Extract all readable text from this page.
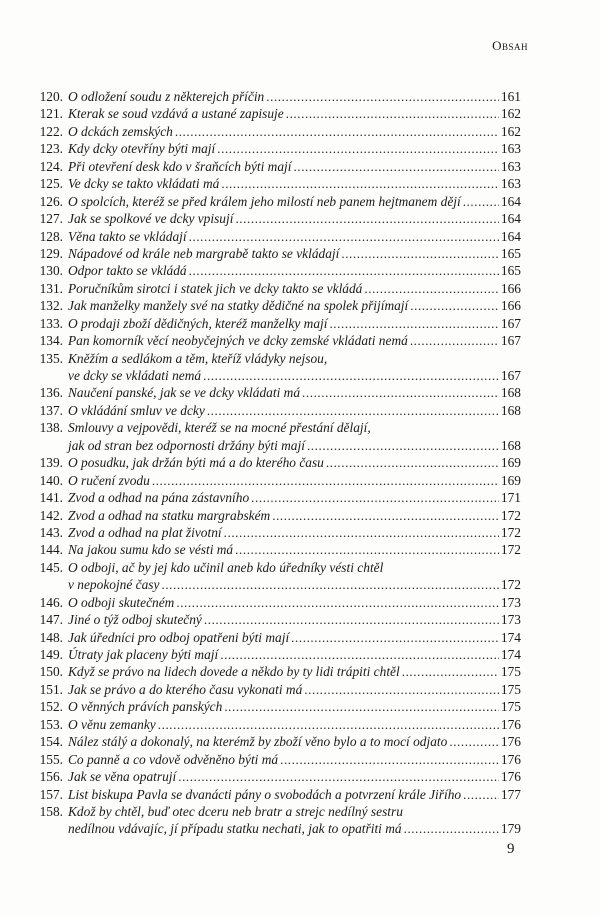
Obsah
120. O odložení soudu z některejch příčin .....	161
121. Kterak se soud vzdává a ustané zapisuje .....	162
122. O dckách zemských .....	162
123. Kdy dcky otevříny býti mají .....	163
124. Při otevření desk kdo v šraňcích býti mají .....	163
125. Ve dcky se takto vkládati má .....	163
126. O spolcích, kteréž se před králem jeho milostí neb panem hejtmanem dějí .....	164
127. Jak se spolkové ve dcky vpisují .....	164
128. Věna takto se vkládají .....	164
129. Nápadové od krále neb margrabě takto se vkládají .....	165
130. Odpor takto se vkládá .....	165
131. Poručníkům sirotci i statek jich ve dcky takto se vkládá .....	166
132. Jak manželky manžely své na statky dědičné na spolek přijímají .....	166
133. O prodaji zboží dědičných, kteréž manželky mají .....	167
134. Pan komorník věcí neobyčejných ve dcky zemské vkládati nemá .....	167
135. Kněžím a sedlákom a těm, kteříž vládyky nejsou,
ve dcky se vkládati nemá .....	167
136. Naučení panské, jak se ve dcky vkládati má .....	168
137. O vkládání smluv ve dcky .....	168
138. Smlouvy a vejpovědi, kteréž se na mocné přestání dělají,
jak od stran bez odpornosti držány býti mají .....	168
139. O posudku, jak držán býti má a do kterého času .....	169
140. O ručení zvodu .....	169
141. Zvod a odhad na pána zástavního .....	171
142. Zvod a odhad na statku margrabském .....	172
143. Zvod a odhad na plat životní .....	172
144. Na jakou sumu kdo se vésti má .....	172
145. O odboji, ač by jej kdo učinil aneb kdo úředníky vésti chtěl
v nepokojné časy .....	172
146. O odboji skutečném .....	173
147. Jiné o týž odboj skutečný .....	173
148. Jak úředníci pro odboj opatřeni býti mají .....	174
149. Útraty jak placeny býti mají .....	174
150. Když se právo na lidech dovede a někdo by ty lidi trápiti chtěl .....	175
151. Jak se právo a do kterého času vykonati má .....	175
152. O věnných právích panských .....	175
153. O věnu zemanky .....	176
154. Nález stálý a dokonalý, na kterémž by zboží věno bylo a to mocí odjato .....	176
155. Co panně a co vdově odvěněno býti má .....	176
156. Jak se věna opatrují .....	176
157. List biskupa Pavla se dvanácti pány o svobodách a potvrzení krále Jiřího .....	177
158. Kdož by chtěl, buď otec dceru neb bratr a strejc nedílný sestru
nedílnou vdávajíc, jí případu statku nechati, jak to opatřiti má .....	179
9
